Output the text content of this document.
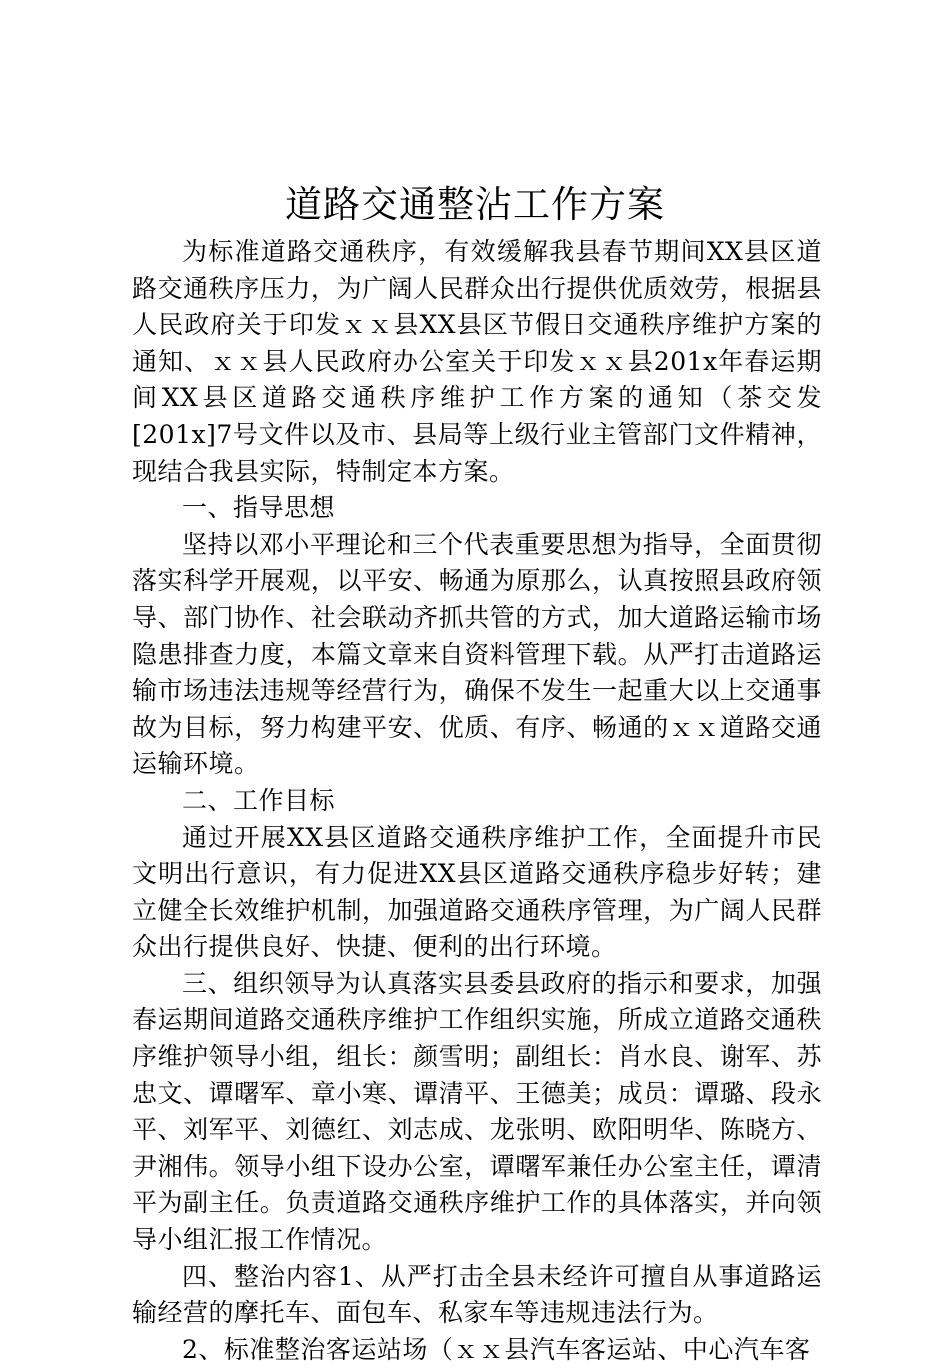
道路交通整沾工作方案

为标准道路交通秩序，有效缓解我县春节期间XX县区道路交通秩序压力，为广阔人民群众出行提供优质效劳，根据县人民政府关于印发ｘｘ县XX县区节假日交通秩序维护方案的通知、ｘｘ县人民政府办公室关于印发ｘｘ县201x年春运期间XX县区道路交通秩序维护工作方案的通知（茶交发[201x]7号文件以及市、县局等上级行业主管部门文件精神，现结合我县实际，特制定本方案。

一、指导思想

坚持以邓小平理论和三个代表重要思想为指导，全面贯彻落实科学开展观，以平安、畅通为原那么，认真按照县政府领导、部门协作、社会联动齐抓共管的方式，加大道路运输市场隐患排查力度，本篇文章来自资料管理下载。从严打击道路运输市场违法违规等经营行为，确保不发生一起重大以上交通事故为目标，努力构建平安、优质、有序、畅通的ｘｘ道路交通运输环境。

二、工作目标

通过开展XX县区道路交通秩序维护工作，全面提升市民文明出行意识，有力促进XX县区道路交通秩序稳步好转；建立健全长效维护机制，加强道路交通秩序管理，为广阔人民群众出行提供良好、快捷、便利的出行环境。

三、组织领导为认真落实县委县政府的指示和要求，加强春运期间道路交通秩序维护工作组织实施，所成立道路交通秩序维护领导小组，组长：颜雪明；副组长：肖水良、谢军、苏忠文、谭曙军、章小寒、谭清平、王德美；成员：谭璐、段永平、刘军平、刘德红、刘志成、龙张明、欧阳明华、陈晓方、尹湘伟。领导小组下设办公室，谭曙军兼任办公室主任，谭清平为副主任。负责道路交通秩序维护工作的具体落实，并向领导小组汇报工作情况。

四、整治内容1、从严打击全县未经许可擅自从事道路运输经营的摩托车、面包车、私家车等违规违法行为。

2、标准整治客运站场（ｘｘ县汽车客运站、中心汽车客
